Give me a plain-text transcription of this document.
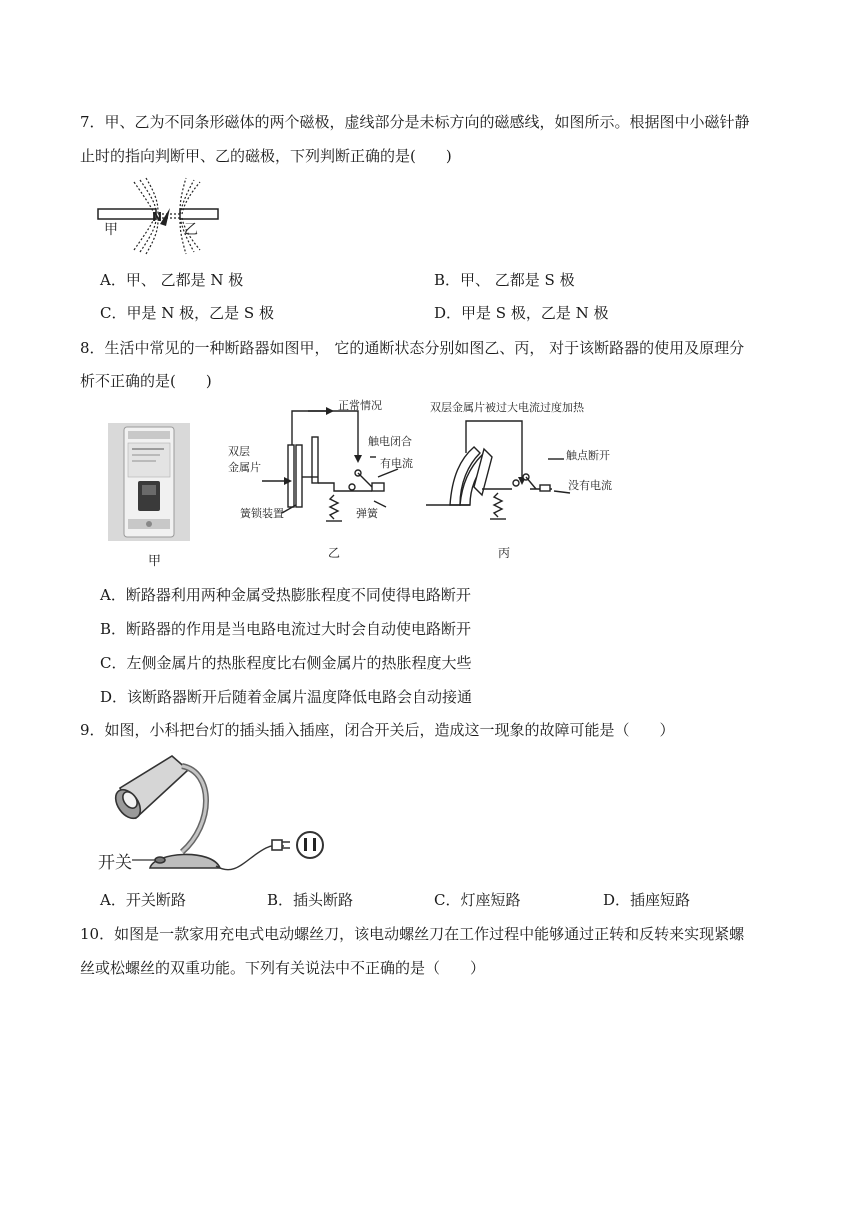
7．甲、乙为不同条形磁体的两个磁极，虚线部分是未标方向的磁感线，如图所示。根据图中小磁针静
止时的指向判断甲、乙的磁极，下列判断正确的是(　　)
N
甲	乙
A．甲、 乙都是 N 极	B．甲、 乙都是 S 极
C．甲是 N 极，乙是 S 极	D．甲是 S 极，乙是 N 极
8．生活中常见的一种断路器如图甲， 它的通断状态分别如图乙、丙， 对于该断路器的使用及原理分
析不正确的是(　　)
甲
正常情况
双层
金属片
触电闭合
有电流
簧锁装置	弹簧
乙
双层金属片被过大电流过度加热
触点断开
没有电流
丙
A．断路器利用两种金属受热膨胀程度不同使得电路断开
B．断路器的作用是当电路电流过大时会自动使电路断开
C．左侧金属片的热胀程度比右侧金属片的热胀程度大些
D．该断路器断开后随着金属片温度降低电路会自动接通
9．如图，小科把台灯的插头插入插座，闭合开关后，造成这一现象的故障可能是（　　）
开关
A．开关断路	B．插头断路	C．灯座短路	D．插座短路
10．如图是一款家用充电式电动螺丝刀，该电动螺丝刀在工作过程中能够通过正转和反转来实现紧螺
丝或松螺丝的双重功能。下列有关说法中不正确的是（　　）
